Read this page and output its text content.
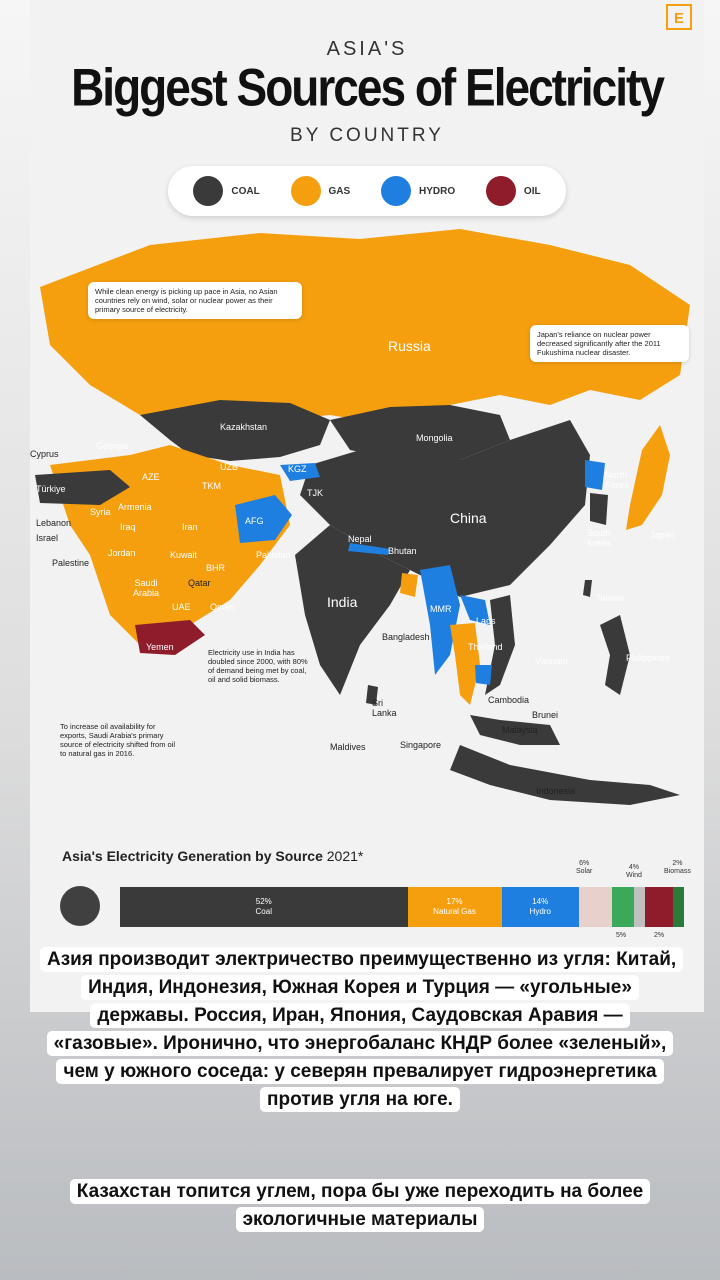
E
ASIA'S
Biggest Sources of Electricity
BY COUNTRY
COAL	GAS	HYDRO	OIL
Russia
Kazakhstan
Mongolia
China
India
Georgia
Cyprus
AZE
UZB	KGZ
TKM
TJK
Türkiye
Armenia
Syria
Lebanon
Israel
Iraq	Iran
AFG
Jordan	Kuwait
Palestine	BHR
Pakistan
Saudi Arabia
Qatar
UAE Oman
Yemen
Nepal
Bhutan
Bangladesh
MMR
Laos
Thailand
Vietnam
Cambodia
Brunei
Malaysia
Singapore
Indonesia
Philippines
Taiwan
North Korea
South Korea
Japan
Sri Lanka
Maldives
While clean energy is picking up pace in Asia, no Asian countries rely on wind, solar or nuclear power as their primary source of electricity.
Japan's reliance on nuclear power decreased significantly after the 2011 Fukushima nuclear disaster.
Electricity use in India has doubled since 2000, with 80% of demand being met by coal, oil and solid biomass.
To increase oil availability for exports, Saudi Arabia's primary source of electricity shifted from oil to natural gas in 2016.
Asia's Electricity Generation by Source 2021*	6%
Solar
4%
Wind
2%
Biomass
5%	2%
52%
Coal
17%
Natural Gas
14%
Hydro
Азия производит электричество преимущественно из угля: Китай, Индия, Индонезия, Южная Корея и Турция — «угольные» державы. Россия, Иран, Япония, Саудовская Аравия — «газовые». Иронично, что энергобаланс КНДР более «зеленый», чем у южного соседа: у северян превалирует гидроэнергетика против угля на юге.
Казахстан топится углем, пора бы уже переходить на более экологичные материалы
